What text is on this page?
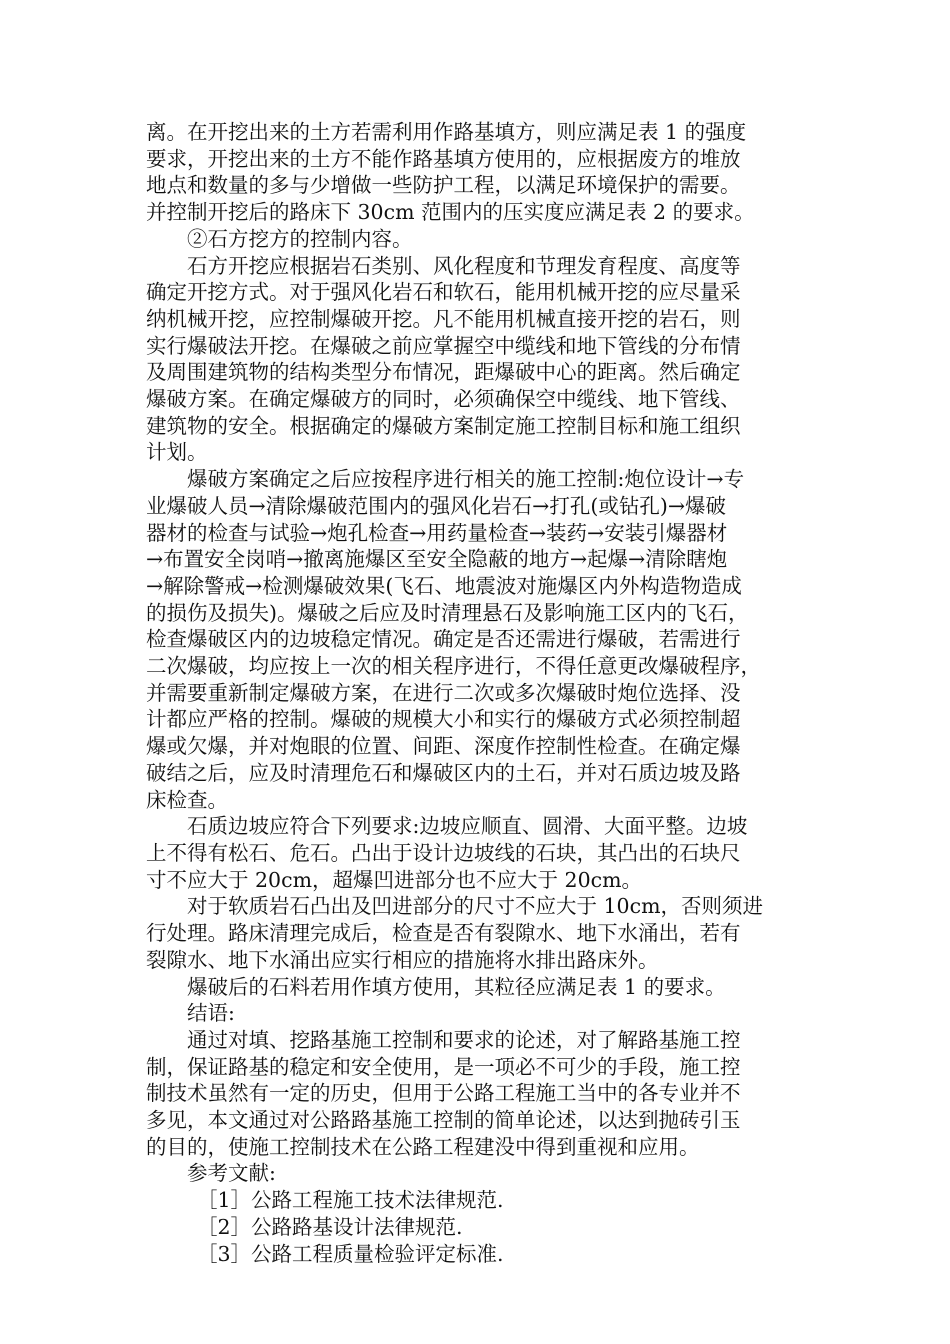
离。在开挖出来的土方若需利用作路基填方，则应满足表 1 的强度
要求，开挖出来的土方不能作路基填方使用的，应根据废方的堆放
地点和数量的多与少增做一些防护工程，以满足环境保护的需要。
并控制开挖后的路床下 30cm 范围内的压实度应满足表 2 的要求。

②石方挖方的控制内容。

石方开挖应根据岩石类别、风化程度和节理发育程度、高度等
确定开挖方式。对于强风化岩石和软石，能用机械开挖的应尽量采
纳机械开挖，应控制爆破开挖。凡不能用机械直接开挖的岩石，则
实行爆破法开挖。在爆破之前应掌握空中缆线和地下管线的分布情
及周围建筑物的结构类型分布情况，距爆破中心的距离。然后确定
爆破方案。在确定爆破方的同时，必须确保空中缆线、地下管线、
建筑物的安全。根据确定的爆破方案制定施工控制目标和施工组织
计划。

爆破方案确定之后应按程序进行相关的施工控制:炮位设计→专
业爆破人员→清除爆破范围内的强风化岩石→打孔(或钻孔)→爆破
器材的检查与试验→炮孔检查→用药量检查→装药→安装引爆器材
→布置安全岗哨→撤离施爆区至安全隐蔽的地方→起爆→清除瞎炮
→解除警戒→检测爆破效果(飞石、地震波对施爆区内外构造物造成
的损伤及损失)。爆破之后应及时清理悬石及影响施工区内的飞石，
检查爆破区内的边坡稳定情况。确定是否还需进行爆破，若需进行
二次爆破，均应按上一次的相关程序进行，不得任意更改爆破程序，
并需要重新制定爆破方案，在进行二次或多次爆破时炮位选择、没
计都应严格的控制。爆破的规模大小和实行的爆破方式必须控制超
爆或欠爆，并对炮眼的位置、间距、深度作控制性检查。在确定爆
破结之后，应及时清理危石和爆破区内的土石，并对石质边坡及路
床检查。

石质边坡应符合下列要求:边坡应顺直、圆滑、大面平整。边坡
上不得有松石、危石。凸出于设计边坡线的石块，其凸出的石块尺
寸不应大于 20cm，超爆凹进部分也不应大于 20cm。

对于软质岩石凸出及凹进部分的尺寸不应大于 10cm，否则须进
行处理。路床清理完成后，检查是否有裂隙水、地下水涌出，若有
裂隙水、地下水涌出应实行相应的措施将水排出路床外。

爆破后的石料若用作填方使用，其粒径应满足表 1 的要求。

结语:

通过对填、挖路基施工控制和要求的论述，对了解路基施工控
制，保证路基的稳定和安全使用，是一项必不可少的手段，施工控
制技术虽然有一定的历史，但用于公路工程施工当中的各专业并不
多见，本文通过对公路路基施工控制的简单论述，以达到抛砖引玉
的目的，使施工控制技术在公路工程建没中得到重视和应用。

参考文献:

［1］公路工程施工技术法律规范.
［2］公路路基设计法律规范.
［3］公路工程质量检验评定标准.
